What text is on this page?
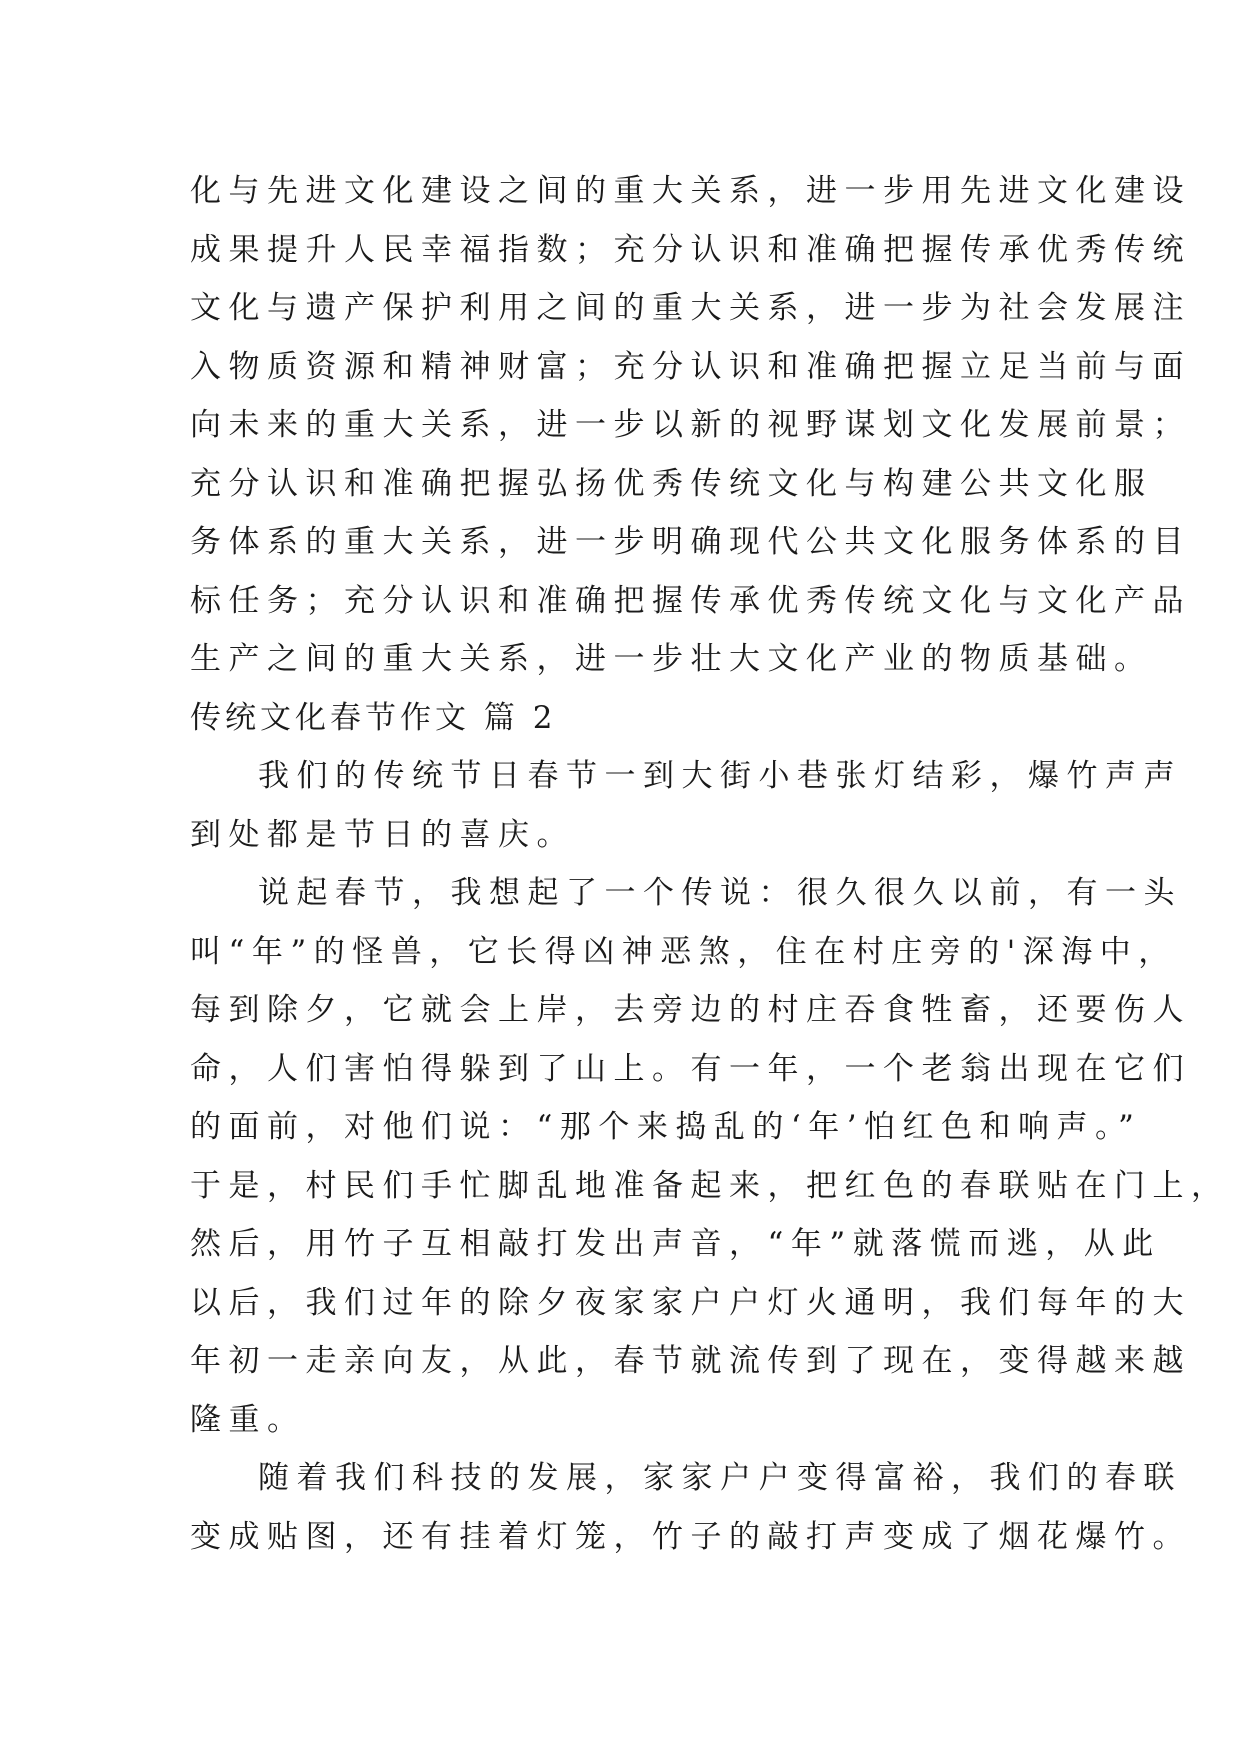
化与先进文化建设之间的重大关系，进一步用先进文化建设
成果提升人民幸福指数；充分认识和准确把握传承优秀传统
文化与遗产保护利用之间的重大关系，进一步为社会发展注
入物质资源和精神财富；充分认识和准确把握立足当前与面
向未来的重大关系，进一步以新的视野谋划文化发展前景；
充分认识和准确把握弘扬优秀传统文化与构建公共文化服
务体系的重大关系，进一步明确现代公共文化服务体系的目
标任务；充分认识和准确把握传承优秀传统文化与文化产品
生产之间的重大关系，进一步壮大文化产业的物质基础。
传统文化春节作文 篇 2
我们的传统节日春节一到大街小巷张灯结彩，爆竹声声
到处都是节日的喜庆。
说起春节，我想起了一个传说：很久很久以前，有一头
叫“年”的怪兽，它长得凶神恶煞，住在村庄旁的'深海中，
每到除夕，它就会上岸，去旁边的村庄吞食牲畜，还要伤人
命，人们害怕得躲到了山上。有一年，一个老翁出现在它们
的面前，对他们说：“那个来捣乱的‘年’怕红色和响声。”
于是，村民们手忙脚乱地准备起来，把红色的春联贴在门上，
然后，用竹子互相敲打发出声音，“年”就落慌而逃，从此
以后，我们过年的除夕夜家家户户灯火通明，我们每年的大
年初一走亲向友，从此，春节就流传到了现在，变得越来越
隆重。
随着我们科技的发展，家家户户变得富裕，我们的春联
变成贴图，还有挂着灯笼，竹子的敲打声变成了烟花爆竹。
